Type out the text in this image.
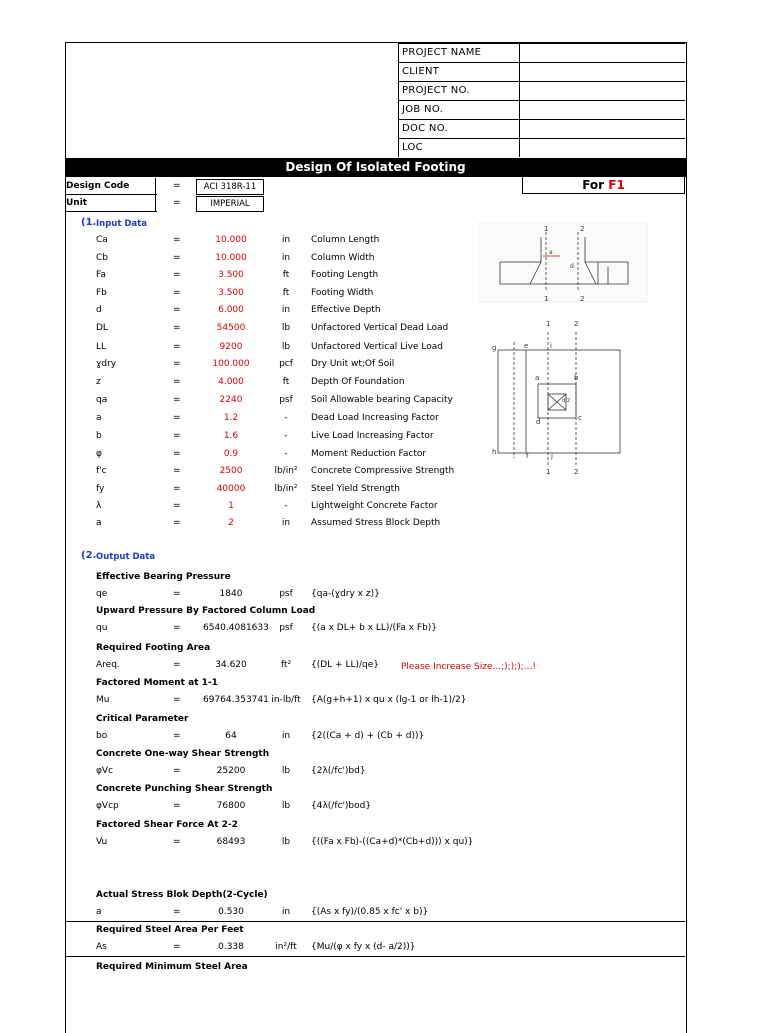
PROJECT NAME
CLIENT
PROJECT NO.
JOB NO.
DOC NO.
LOC
Design Of Isolated Footing
Design Code	=	ACI 318R-11
Unit	=	IMPERIAL
For F1
(1. Input Data
Ca	=	10.000	in	Column Length
Cb	=	10.000	in	Column Width
Fa	=	3.500	ft	Footing Length
Fb	=	3.500	ft	Footing Width
d	=	6.000	in	Effective Depth
DL	=	54500	lb	Unfactored Vertical Dead Load
LL	=	9200	lb	Unfactored Vertical Live Load
ɣdry	=	100.000	pcf	Dry Unit wt;Of Soil
z	=	4.000	ft	Depth Of Foundation
qa	=	2240	psf	Soil Allowable bearing Capacity
a	=	1.2	-	Dead Load Increasing Factor
b	=	1.6	-	Live Load Increasing Factor
φ	=	0.9	-	Moment Reduction Factor
f'c	=	2500	lb/in²	Concrete Compressive Strength
fy	=	40000	lb/in²	Steel Yield Strength
λ	=	1	-	Lightweight Concrete Factor
a	=	2	in	Assumed Stress Block Depth
1	2
a
d
1	2
1	2
g	e	i
a	b
c
d
d/2
h	f	j
1	2
(2. Output Data
Effective Bearing Pressure
qe	=	1840	psf	{qa-(ɣdry x z)}
Upward Pressure By Factored Column Load
qu	= 6540.4081633	psf	{(a x DL+ b x LL)/(Fa x Fb)}
Required Footing Area
Areq.	=	34.620	ft²	{(DL + LL)/qe} Please Increase Size...;);););...!
Factored Moment at 1-1
Mu	= 69764.353741 in-lb/ft {A(g+h+1) x qu x (lg-1 or lh-1)/2}
Critical Parameter
bo	=	64	in	{2((Ca + d) + (Cb + d))}
Concrete One-way Shear Strength
φVc	=	25200	lb	{2λ(/fc')bd}
Concrete Punching Shear Strength
φVcp	=	76800	lb	{4λ(/fc')bod}
Factored Shear Force At 2-2
Vu	=	68493	lb	{((Fa x Fb)-((Ca+d)*(Cb+d))) x qu)}
Actual Stress Blok Depth(2-Cycle)
a	=	0.530	in	{(As x fy)/(0.85 x fc' x b)}
Required Steel Area Per Feet
As	=	0.338	in²/ft	{Mu/(φ x fy x (d- a/2))}
Required Minimum Steel Area
